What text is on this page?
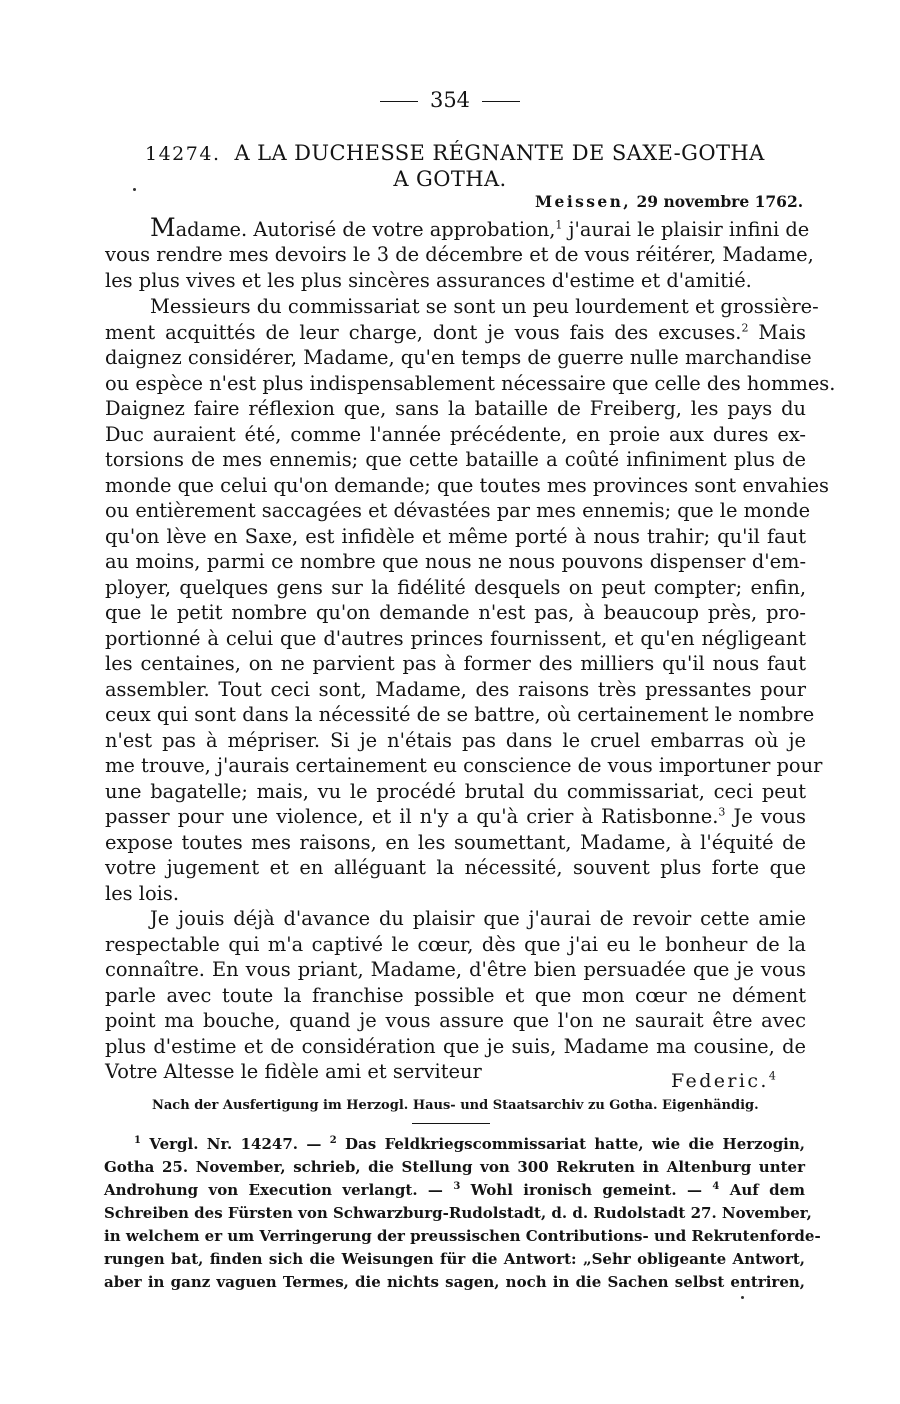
354
14274. A LA DUCHESSE RÉGNANTE DE SAXE-GOTHA
A GOTHA.
Meissen, 29 novembre 1762.
Madame. Autorisé de votre approbation,$^1$ j'aurai le plaisir infini de
vous rendre mes devoirs le 3 de décembre et de vous réitérer, Madame,
les plus vives et les plus sincères assurances d'estime et d'amitié.
Messieurs du commissariat se sont un peu lourdement et grossière-
ment acquittés de leur charge, dont je vous fais des excuses.$^2$ Mais
daignez considérer, Madame, qu'en temps de guerre nulle marchandise
ou espèce n'est plus indispensablement nécessaire que celle des hommes.
Daignez faire réflexion que, sans la bataille de Freiberg, les pays du
Duc auraient été, comme l'année précédente, en proie aux dures ex-
torsions de mes ennemis; que cette bataille a coûté infiniment plus de
monde que celui qu'on demande; que toutes mes provinces sont envahies
ou entièrement saccagées et dévastées par mes ennemis; que le monde
qu'on lève en Saxe, est infidèle et même porté à nous trahir; qu'il faut
au moins, parmi ce nombre que nous ne nous pouvons dispenser d'em-
ployer, quelques gens sur la fidélité desquels on peut compter; enfin,
que le petit nombre qu'on demande n'est pas, à beaucoup près, pro-
portionné à celui que d'autres princes fournissent, et qu'en négligeant
les centaines, on ne parvient pas à former des milliers qu'il nous faut
assembler. Tout ceci sont, Madame, des raisons très pressantes pour
ceux qui sont dans la nécessité de se battre, où certainement le nombre
n'est pas à mépriser. Si je n'étais pas dans le cruel embarras où je
me trouve, j'aurais certainement eu conscience de vous importuner pour
une bagatelle; mais, vu le procédé brutal du commissariat, ceci peut
passer pour une violence, et il n'y a qu'à crier à Ratisbonne.$^3$ Je vous
expose toutes mes raisons, en les soumettant, Madame, à l'équité de
votre jugement et en alléguant la nécessité, souvent plus forte que
les lois.
Je jouis déjà d'avance du plaisir que j'aurai de revoir cette amie
respectable qui m'a captivé le cœur, dès que j'ai eu le bonheur de la
connaître. En vous priant, Madame, d'être bien persuadée que je vous
parle avec toute la franchise possible et que mon cœur ne dément
point ma bouche, quand je vous assure que l'on ne saurait être avec
plus d'estime et de considération que je suis, Madame ma cousine, de
Votre Altesse le fidèle ami et serviteur	Federic.$^4$
Nach der Ausfertigung im Herzogl. Haus- und Staatsarchiv zu Gotha. Eigenhändig.
$^1$ Vergl. Nr. 14247. — $^2$ Das Feldkriegscommissariat hatte, wie die Herzogin,
Gotha 25. November, schrieb, die Stellung von 300 Rekruten in Altenburg unter
Androhung von Execution verlangt. — $^3$ Wohl ironisch gemeint. — $^4$ Auf dem
Schreiben des Fürsten von Schwarzburg-Rudolstadt, d. d. Rudolstadt 27. November,
in welchem er um Verringerung der preussischen Contributions- und Rekrutenforde-
rungen bat, finden sich die Weisungen für die Antwort: „Sehr obligeante Antwort,
aber in ganz vaguen Termes, die nichts sagen, noch in die Sachen selbst entriren,
